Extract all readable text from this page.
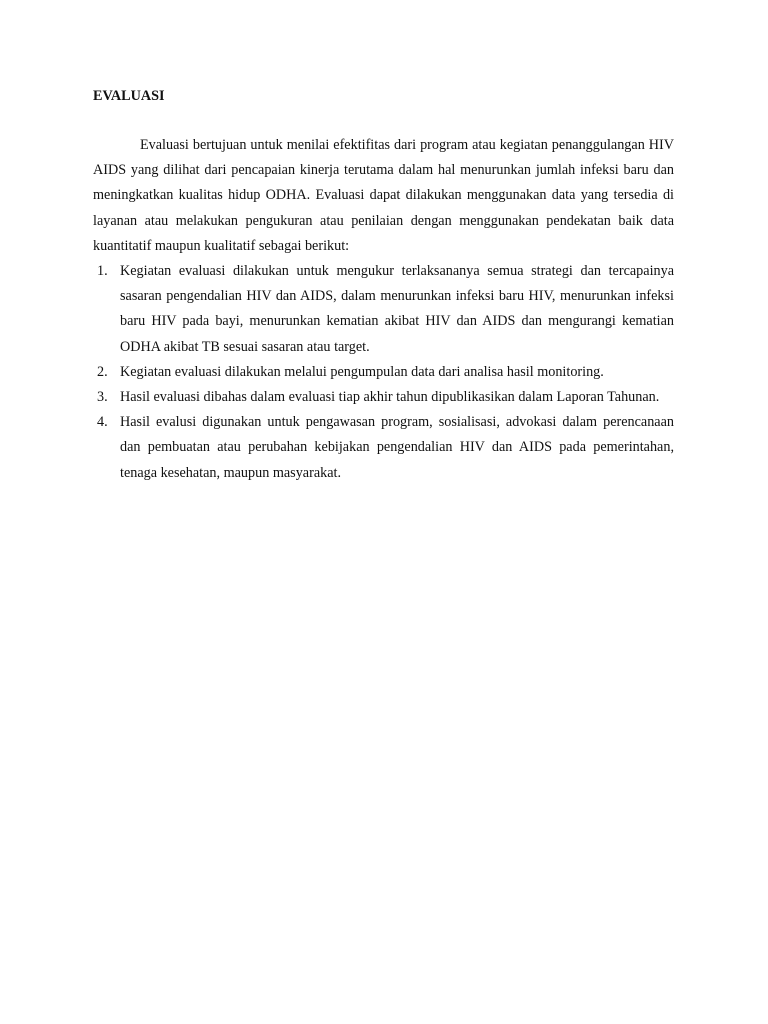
EVALUASI

Evaluasi bertujuan untuk menilai efektifitas dari program atau kegiatan penanggulangan HIV AIDS yang dilihat dari pencapaian kinerja terutama dalam hal menurunkan jumlah infeksi baru dan meningkatkan kualitas hidup ODHA. Evaluasi dapat dilakukan menggunakan data yang tersedia di layanan atau melakukan pengukuran atau penilaian dengan menggunakan pendekatan baik data kuantitatif maupun kualitatif sebagai berikut:

1. Kegiatan evaluasi dilakukan untuk mengukur terlaksananya semua strategi dan tercapainya sasaran pengendalian HIV dan AIDS, dalam menurunkan infeksi baru HIV, menurunkan infeksi baru HIV pada bayi, menurunkan kematian akibat HIV dan AIDS dan mengurangi kematian ODHA akibat TB sesuai sasaran atau target.
2. Kegiatan evaluasi dilakukan melalui pengumpulan data dari analisa hasil monitoring.
3. Hasil evaluasi dibahas dalam evaluasi tiap akhir tahun dipublikasikan dalam Laporan Tahunan.
4. Hasil evalusi digunakan untuk pengawasan program, sosialisasi, advokasi dalam perencanaan dan pembuatan atau perubahan kebijakan pengendalian HIV dan AIDS pada pemerintahan, tenaga kesehatan, maupun masyarakat.
